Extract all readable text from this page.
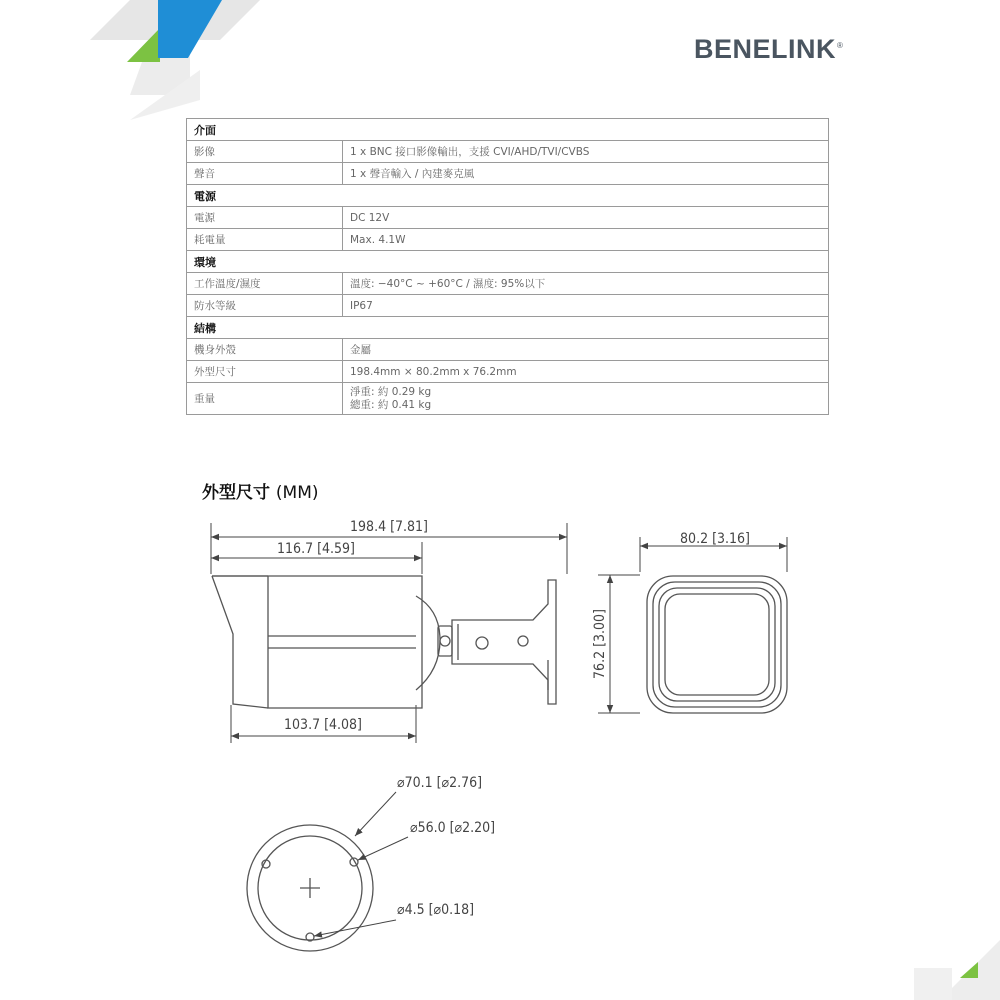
BENELINK®
介面	
影像	1 x BNC 接口影像輸出，支援 CVI/AHD/TVI/CVBS
聲音	1 x 聲音輸入 / 內建麥克風
電源	
電源	DC 12V
耗電量	Max. 4.1W
環境	
工作溫度/濕度	溫度: −40°C ~ +60°C / 濕度: 95%以下
防水等級	IP67
結構	
機身外殼	金屬
外型尺寸	198.4mm × 80.2mm x 76.2mm
重量	淨重: 約 0.29 kg
總重: 約 0.41 kg
外型尺寸 (MM)
198.4 [7.81]
116.7 [4.59]
103.7 [4.08]
80.2 [3.16]
76.2 [3.00]
⌀70.1 [⌀2.76]
⌀56.0 [⌀2.20]
⌀4.5 [⌀0.18]
